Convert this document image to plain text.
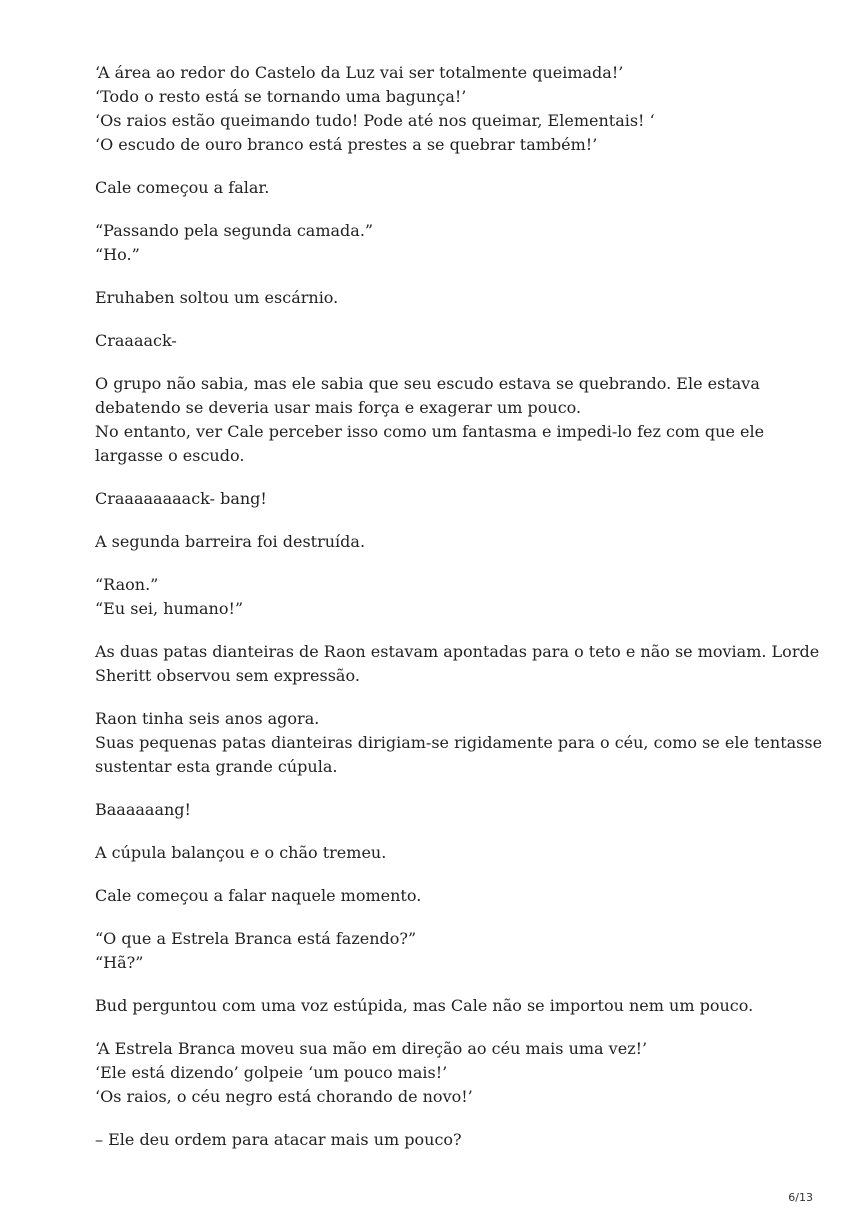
‘A área ao redor do Castelo da Luz vai ser totalmente queimada!’
‘Todo o resto está se tornando uma bagunça!’
‘Os raios estão queimando tudo! Pode até nos queimar, Elementais! ‘
‘O escudo de ouro branco está prestes a se quebrar também!’

Cale começou a falar.

“Passando pela segunda camada.”
“Ho.”

Eruhaben soltou um escárnio.

Craaaack-

O grupo não sabia, mas ele sabia que seu escudo estava se quebrando. Ele estava
debatendo se deveria usar mais força e exagerar um pouco.
No entanto, ver Cale perceber isso como um fantasma e impedi-lo fez com que ele
largasse o escudo.

Craaaaaaaack- bang!

A segunda barreira foi destruída.

“Raon.”
“Eu sei, humano!”

As duas patas dianteiras de Raon estavam apontadas para o teto e não se moviam. Lorde
Sheritt observou sem expressão.

Raon tinha seis anos agora.
Suas pequenas patas dianteiras dirigiam-se rigidamente para o céu, como se ele tentasse
sustentar esta grande cúpula.

Baaaaaang!

A cúpula balançou e o chão tremeu.

Cale começou a falar naquele momento.

“O que a Estrela Branca está fazendo?”
“Hã?”

Bud perguntou com uma voz estúpida, mas Cale não se importou nem um pouco.

‘A Estrela Branca moveu sua mão em direção ao céu mais uma vez!’
‘Ele está dizendo’ golpeie ‘um pouco mais!’
‘Os raios, o céu negro está chorando de novo!’

– Ele deu ordem para atacar mais um pouco?

6/13
